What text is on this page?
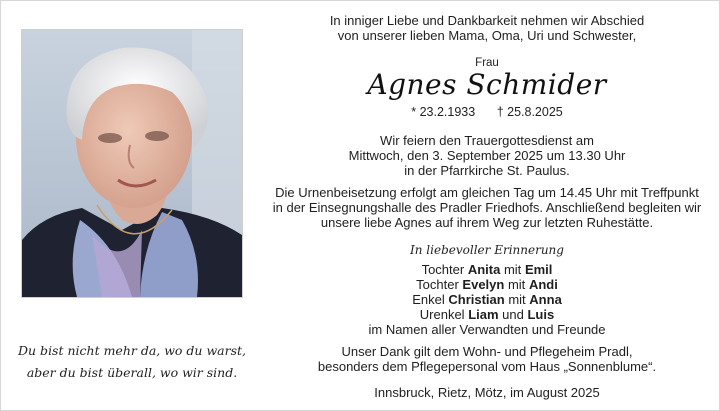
Du bist nicht mehr da, wo du warst,
aber du bist überall, wo wir sind.

In inniger Liebe und Dankbarkeit nehmen wir Abschied

von unserer lieben Mama, Oma, Uri und Schwester,

Frau
Agnes Schmider
* 23.2.1933 † 25.8.2025

Wir feiern den Trauergottesdienst am

Mittwoch, den 3. September 2025 um 13.30 Uhr

in der Pfarrkirche St. Paulus.

Die Urnenbeisetzung erfolgt am gleichen Tag um 14.45 Uhr mit Treffpunkt

in der Einsegnungshalle des Pradler Friedhofs. Anschließend begleiten wir

unsere liebe Agnes auf ihrem Weg zur letzten Ruhestätte.

In liebevoller Erinnerung

Tochter Anita mit Emil

Tochter Evelyn mit Andi

Enkel Christian mit Anna

Urenkel Liam und Luis

im Namen aller Verwandten und Freunde

Unser Dank gilt dem Wohn- und Pflegeheim Pradl,

besonders dem Pflegepersonal vom Haus „Sonnenblume“.

Innsbruck, Rietz, Mötz, im August 2025
